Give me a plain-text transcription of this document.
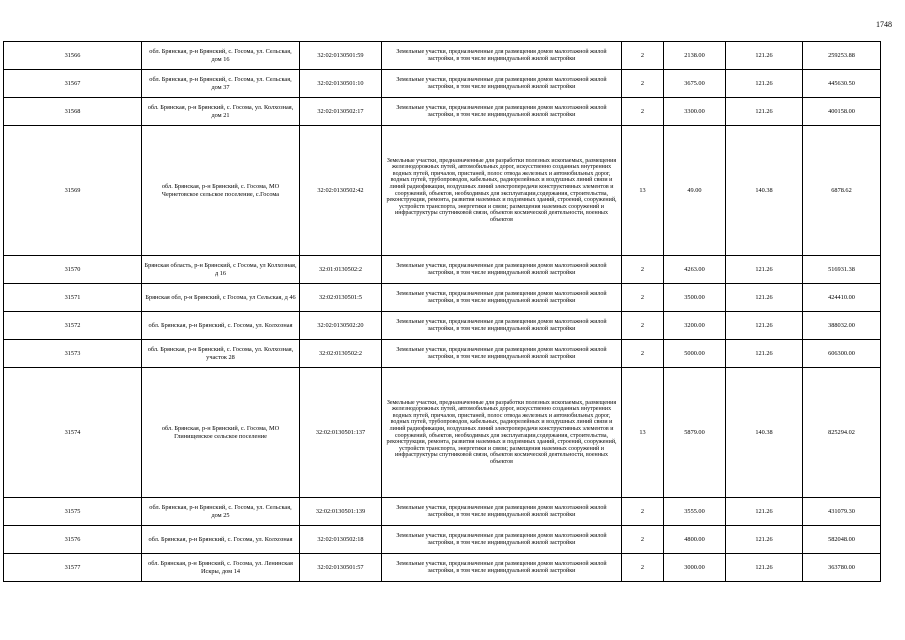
1748
31566	обл. Брянская, р-н Брянский, с. Госома, ул. Сельская, дом 16	32:02:0130501:59	Земельные участки, предназначенные для размещения домов малоэтажной жилой застройки, в том числе индивидуальной жилой застройки	2	2138.00	121.26	259253.88
31567	обл. Брянская, р-н Брянский, с. Госома, ул. Сельская, дом 37	32:02:0130501:10	Земельные участки, предназначенные для размещения домов малоэтажной жилой застройки, в том числе индивидуальной жилой застройки	2	3675.00	121.26	445630.50
31568	обл. Брянская, р-н Брянский, с. Госома, ул. Колхозная, дом 21	32:02:0130502:17	Земельные участки, предназначенные для размещения домов малоэтажной жилой застройки, в том числе индивидуальной жилой застройки	2	3300.00	121.26	400158.00
31569	обл. Брянская, р-н Брянский, с. Госома, МО Чернетовское сельское поселение, с.Госома	32:02:0130502:42	Земельные участки, предназначенные для разработки полезных ископаемых, размещения железнодорожных путей, автомобильных дорог, искусственно созданных внутренних водных путей, причалов, пристаней, полос отвода железных и автомобильных дорог, водных путей, трубопроводов, кабельных, радиорелейных и воздушных линий связи и линий радиофикации, воздушных линий электропередачи конструктивных элементов и сооружений, объектов, необходимых для эксплуатации,содержания, строительства, реконструкции, ремонта, развития наземных и подземных зданий, строений, сооружений, устройств транспорта, энергетики и связи; размещения наземных сооружений и инфраструктуры спутниковой связи, объектов космической деятельности, военных объектов	13	49.00	140.38	6878.62
31570	Брянская область, р-н Брянский, с Госома, ул Колхозная, д 16	32:01:0130502:2	Земельные участки, предназначенные для размещения домов малоэтажной жилой застройки, в том числе индивидуальной жилой застройки	2	4263.00	121.26	516931.38
31571	Брянская обл, р-н Брянский, с Госома, ул Сельская, д 46	32:02:0130501:5	Земельные участки, предназначенные для размещения домов малоэтажной жилой застройки, в том числе индивидуальной жилой застройки	2	3500.00	121.26	424410.00
31572	обл. Брянская, р-н Брянский, с. Госома, ул. Колхозная	32:02:0130502:20	Земельные участки, предназначенные для размещения домов малоэтажной жилой застройки, в том числе индивидуальной жилой застройки	2	3200.00	121.26	388032.00
31573	обл. Брянская, р-н Брянский, с. Госома, ул. Колхозная, участок 28	32:02:0130502:2	Земельные участки, предназначенные для размещения домов малоэтажной жилой застройки, в том числе индивидуальной жилой застройки	2	5000.00	121.26	606300.00
31574	обл. Брянская, р-н Брянский, с. Госома, МО Глинищевское сельское поселение	32:02:0130501:137	Земельные участки, предназначенные для разработки полезных ископаемых, размещения железнодорожных путей, автомобильных дорог, искусственно созданных внутренних водных путей, причалов, пристаней, полос отвода железных и автомобильных дорог, водных путей, трубопроводов, кабельных, радиорелейных и воздушных линий связи и линий радиофикации, воздушных линий электропередачи конструктивных элементов и сооружений, объектов, необходимых для эксплуатации,содержания, строительства, реконструкции, ремонта, развития наземных и подземных зданий, строений, сооружений, устройств транспорта, энергетики и связи; размещения наземных сооружений и инфраструктуры спутниковой связи, объектов космической деятельности, военных объектов	13	5879.00	140.38	825294.02
31575	обл. Брянская, р-н Брянский, с. Госома, ул. Сельская, дом 25	32:02:0130501:139	Земельные участки, предназначенные для размещения домов малоэтажной жилой застройки, в том числе индивидуальной жилой застройки	2	3555.00	121.26	431079.30
31576	обл. Брянская, р-н Брянский, с. Госома, ул. Колхозная	32:02:0130502:18	Земельные участки, предназначенные для размещения домов малоэтажной жилой застройки, в том числе индивидуальной жилой застройки	2	4800.00	121.26	582048.00
31577	обл. Брянская, р-н Брянский, с. Госома, ул. Ленинская Искры, дом 14	32:02:0130501:57	Земельные участки, предназначенные для размещения домов малоэтажной жилой застройки, в том числе индивидуальной жилой застройки	2	3000.00	121.26	363780.00
